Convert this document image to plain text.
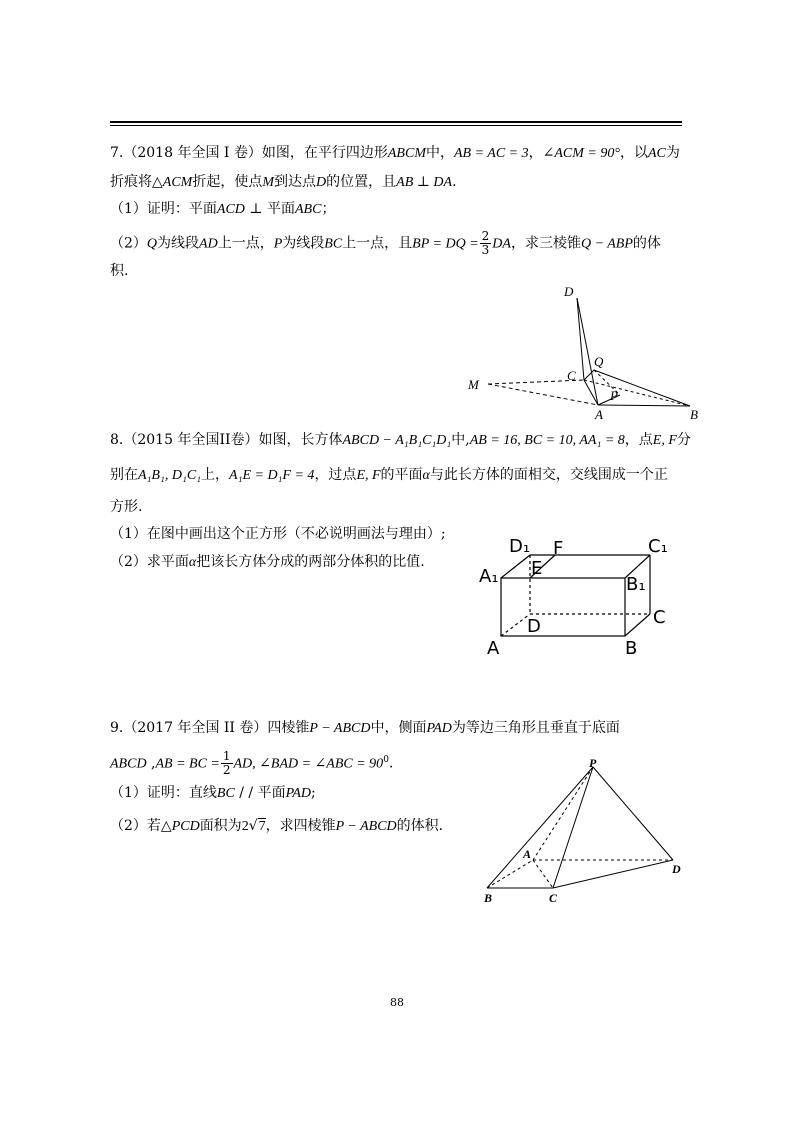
7.（2018 年全国 I 卷）如图，在平行四边形ABCM中，AB = AC = 3，∠ACM = 90°，以AC为
折痕将△ACM折起，使点M到达点D的位置，且AB ⊥ DA.
（1）证明：平面ACD ⊥ 平面ABC；
（2）Q为线段AD上一点，P为线段BC上一点，且BP = DQ = $\frac{2}{3}$ DA，求三棱锥Q − ABP的体
积.
D
Q
C
M
P
A	B
8.（2015 年全国II卷）如图，长方体ABCD − A₁B₁C₁D₁中,AB = 16, BC = 10, AA₁ = 8，点E, F分
别在A₁B₁, D₁C₁上，A₁E = D₁F = 4，过点E, F的平面α与此长方体的面相交，交线围成一个正
方形.
（1）在图中画出这个正方形（不必说明画法与理由）;
（2）求平面α把该长方体分成的两部分体积的比值.
D₁ F	C₁
A₁ E
B₁
D	C
A	B
9.（2017 年全国 II 卷）四棱锥P − ABCD中，侧面PAD为等边三角形且垂直于底面
ABCD ,AB = BC = $\frac{1}{2}$ AD, ∠BAD = ∠ABC = $90^0$.
（1）证明：直线BC / / 平面PAD;
（2）若△PCD面积为2√7，求四棱锥P − ABCD的体积.
P
A
D
B	C
88
